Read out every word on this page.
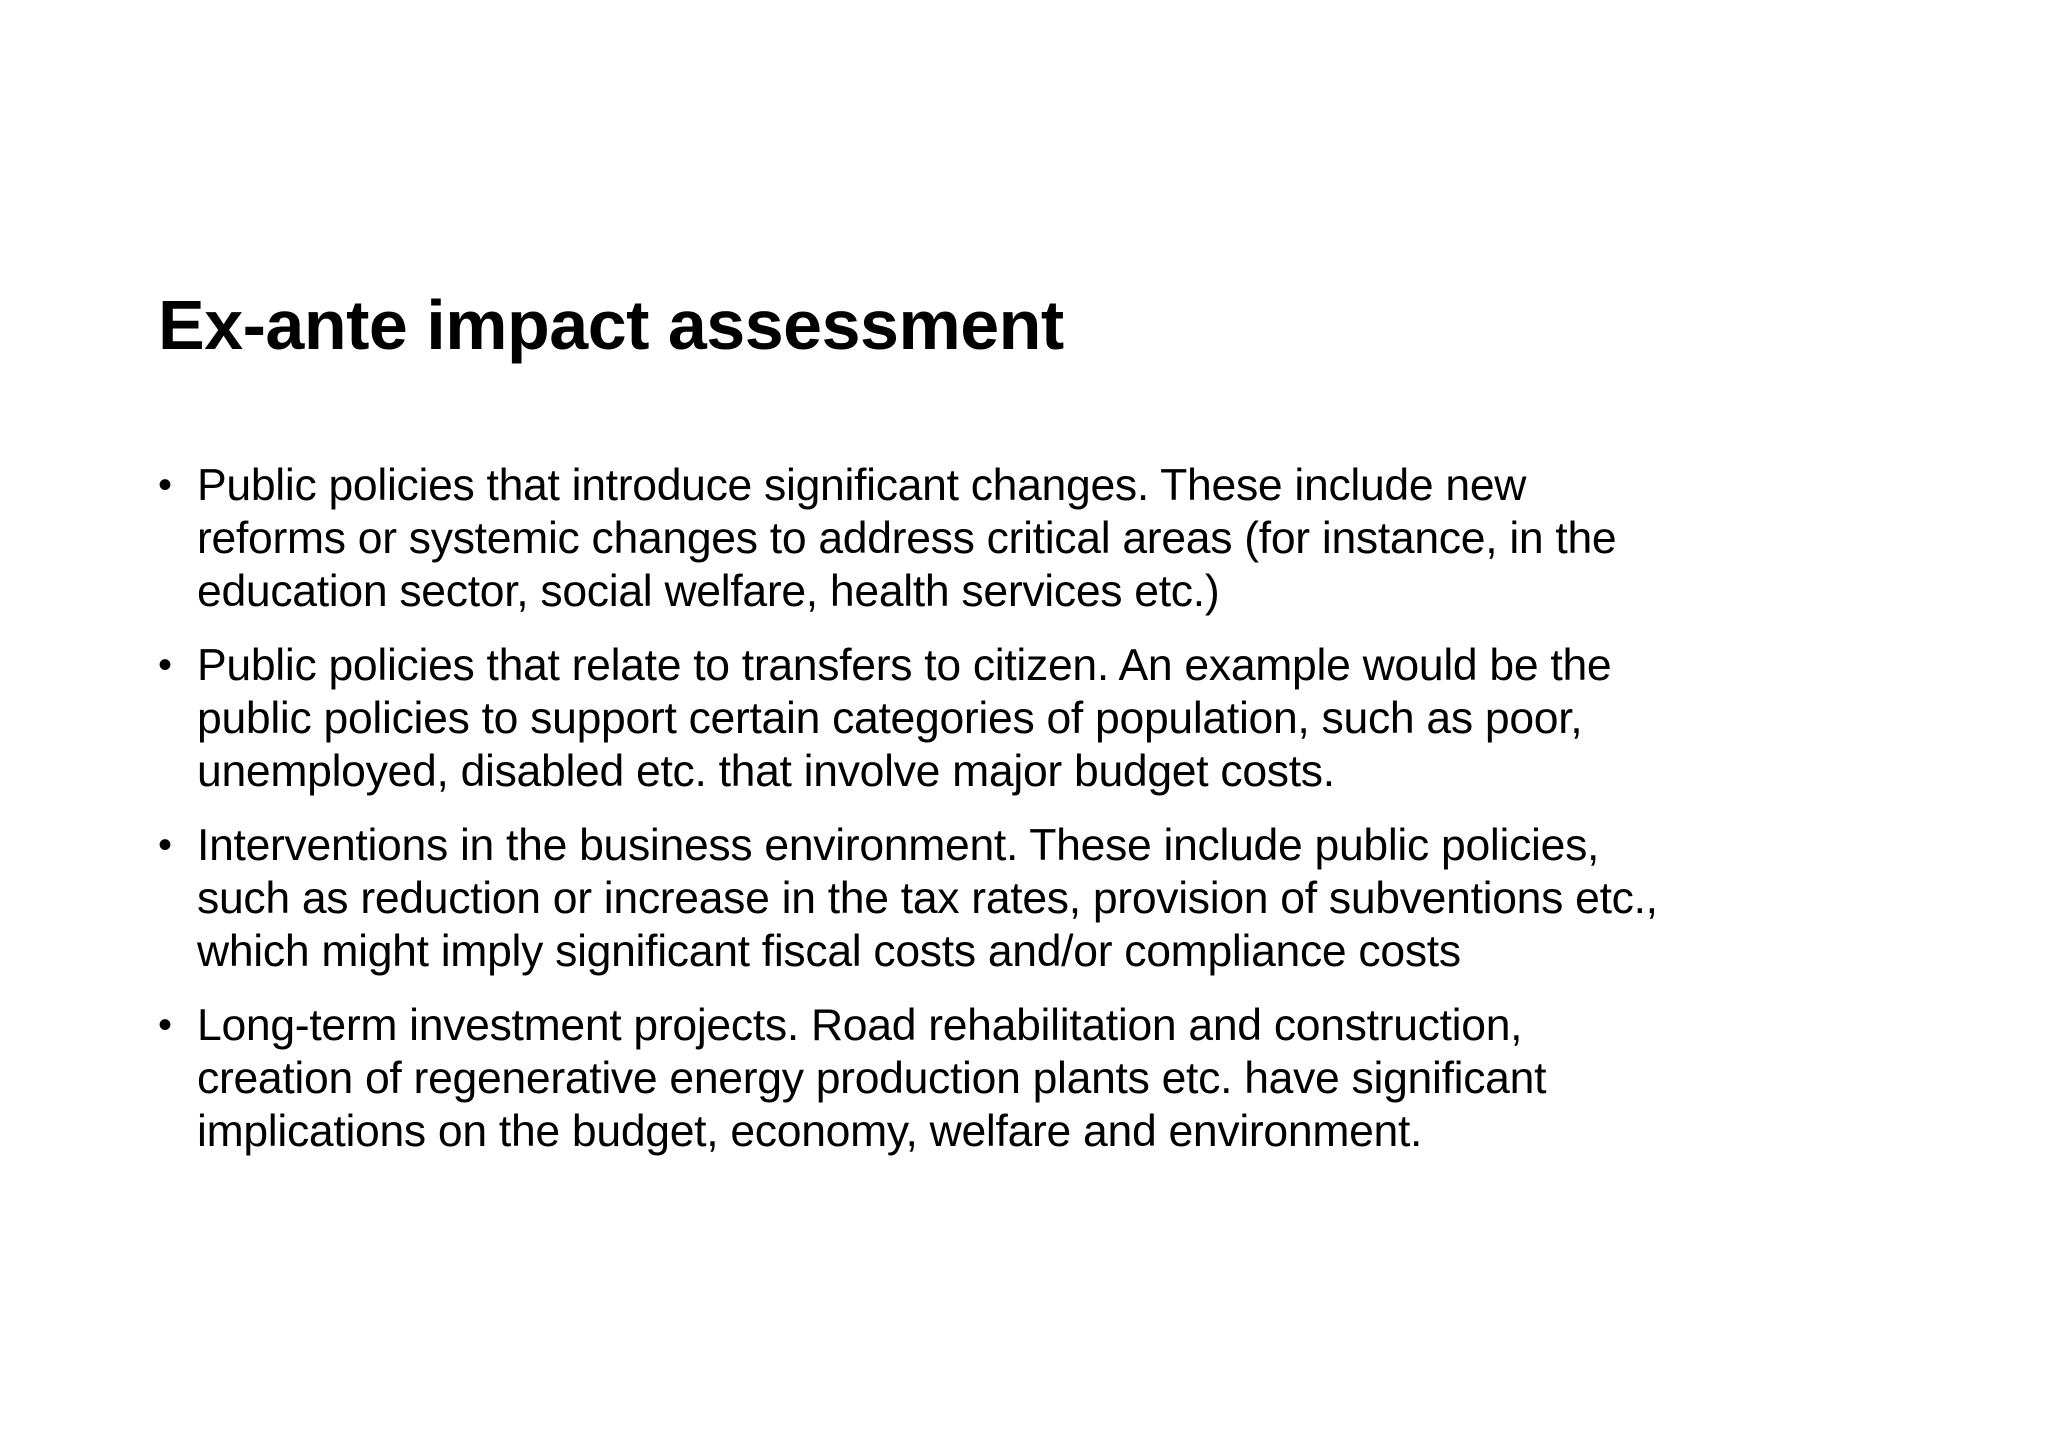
Ex-ante impact assessment
• Public policies that introduce significant changes. These include new
reforms or systemic changes to address critical areas (for instance, in the
education sector, social welfare, health services etc.)
• Public policies that relate to transfers to citizen. An example would be the
public policies to support certain categories of population, such as poor,
unemployed, disabled etc. that involve major budget costs.
• Interventions in the business environment. These include public policies,
such as reduction or increase in the tax rates, provision of subventions etc.,
which might imply significant fiscal costs and/or compliance costs
• Long-term investment projects. Road rehabilitation and construction,
creation of regenerative energy production plants etc. have significant
implications on the budget, economy, welfare and environment.
